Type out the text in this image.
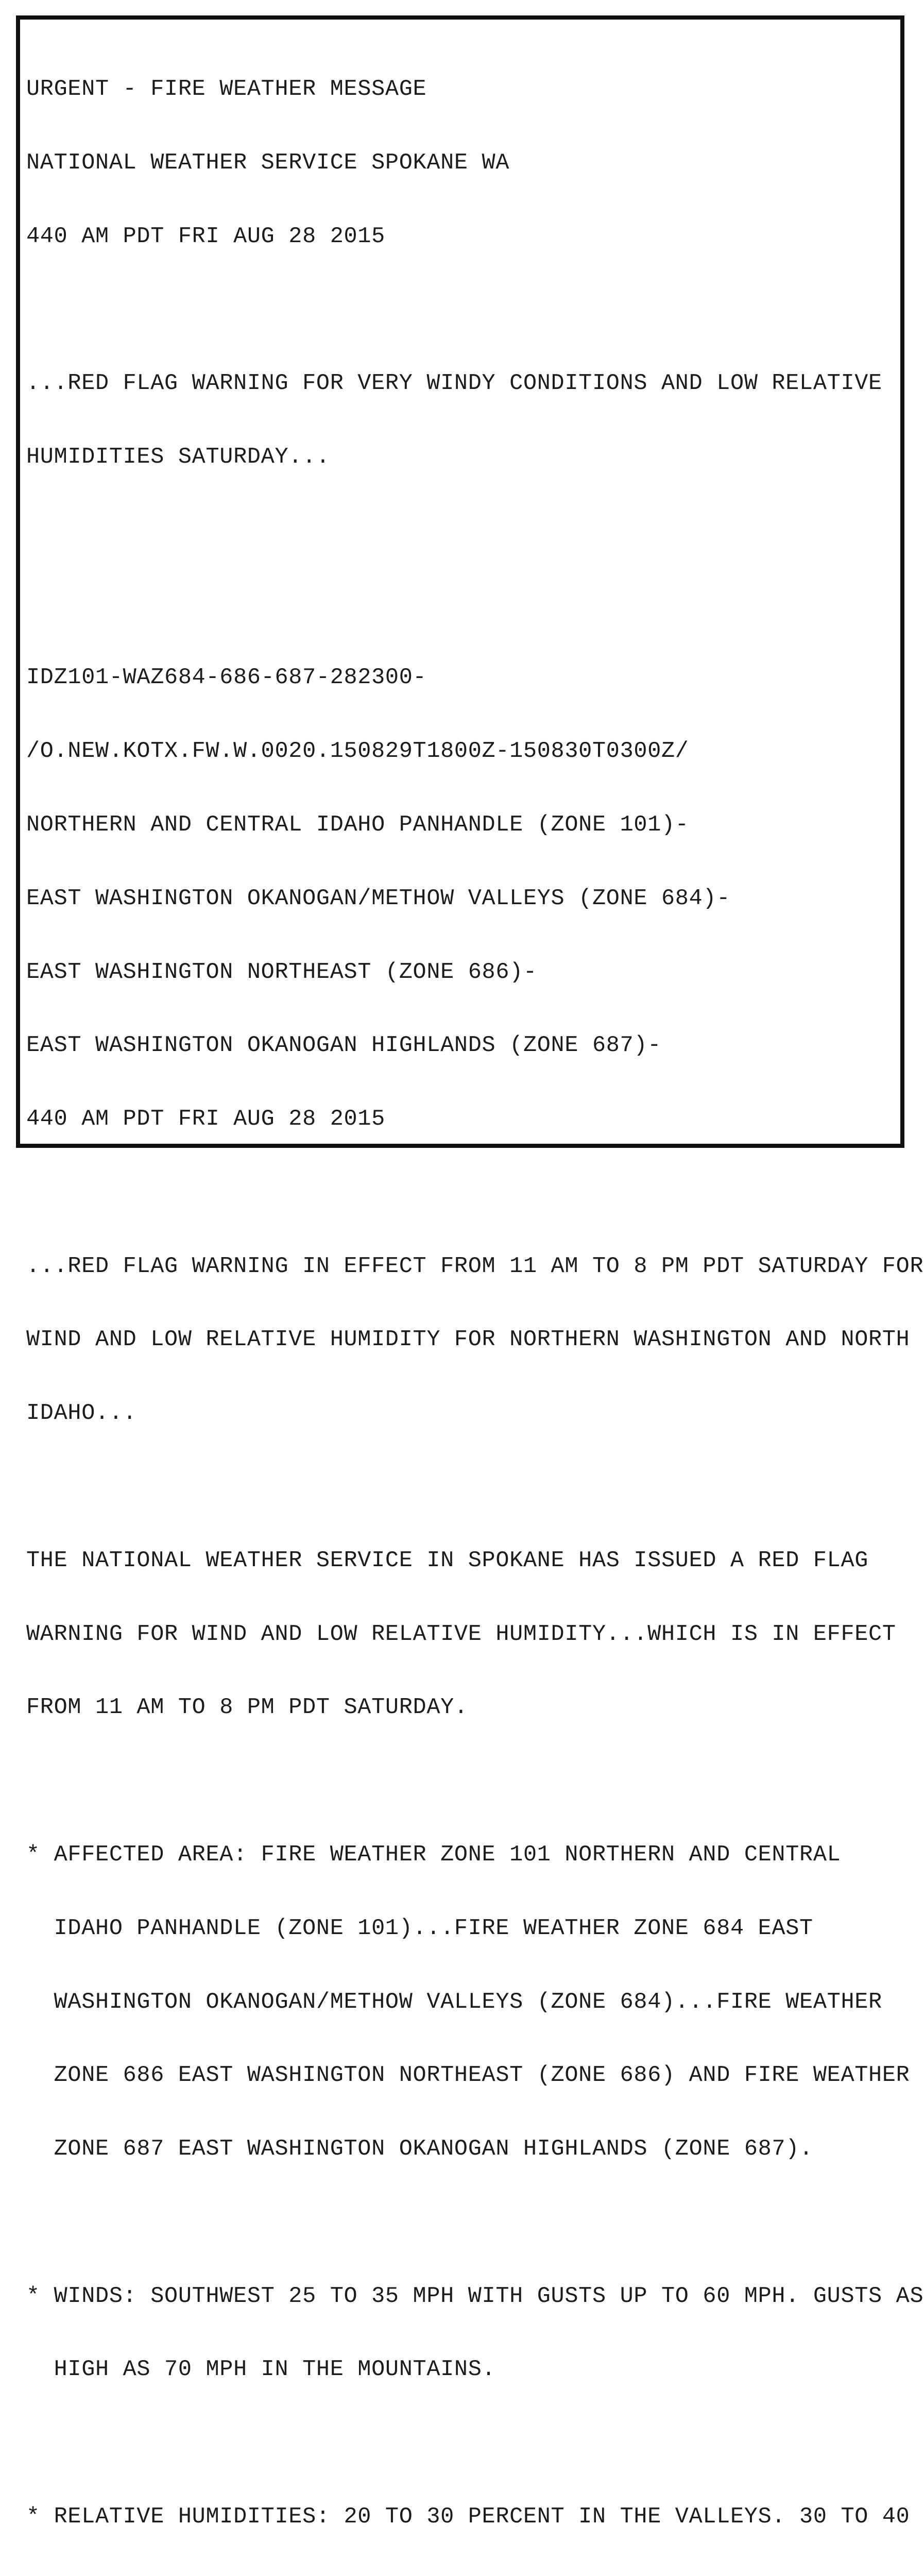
URGENT - FIRE WEATHER MESSAGE

NATIONAL WEATHER SERVICE SPOKANE WA

440 AM PDT FRI AUG 28 2015

...RED FLAG WARNING FOR VERY WINDY CONDITIONS AND LOW RELATIVE

HUMIDITIES SATURDAY...

IDZ101-WAZ684-686-687-282300-

/O.NEW.KOTX.FW.W.0020.150829T1800Z-150830T0300Z/

NORTHERN AND CENTRAL IDAHO PANHANDLE (ZONE 101)-

EAST WASHINGTON OKANOGAN/METHOW VALLEYS (ZONE 684)-

EAST WASHINGTON NORTHEAST (ZONE 686)-

EAST WASHINGTON OKANOGAN HIGHLANDS (ZONE 687)-

440 AM PDT FRI AUG 28 2015

...RED FLAG WARNING IN EFFECT FROM 11 AM TO 8 PM PDT SATURDAY FOR

WIND AND LOW RELATIVE HUMIDITY FOR NORTHERN WASHINGTON AND NORTH

IDAHO...

THE NATIONAL WEATHER SERVICE IN SPOKANE HAS ISSUED A RED FLAG

WARNING FOR WIND AND LOW RELATIVE HUMIDITY...WHICH IS IN EFFECT

FROM 11 AM TO 8 PM PDT SATURDAY.

* AFFECTED AREA: FIRE WEATHER ZONE 101 NORTHERN AND CENTRAL

IDAHO PANHANDLE (ZONE 101)...FIRE WEATHER ZONE 684 EAST

WASHINGTON OKANOGAN/METHOW VALLEYS (ZONE 684)...FIRE WEATHER

ZONE 686 EAST WASHINGTON NORTHEAST (ZONE 686) AND FIRE WEATHER

ZONE 687 EAST WASHINGTON OKANOGAN HIGHLANDS (ZONE 687).

* WINDS: SOUTHWEST 25 TO 35 MPH WITH GUSTS UP TO 60 MPH. GUSTS AS

HIGH AS 70 MPH IN THE MOUNTAINS.

* RELATIVE HUMIDITIES: 20 TO 30 PERCENT IN THE VALLEYS. 30 TO 40
